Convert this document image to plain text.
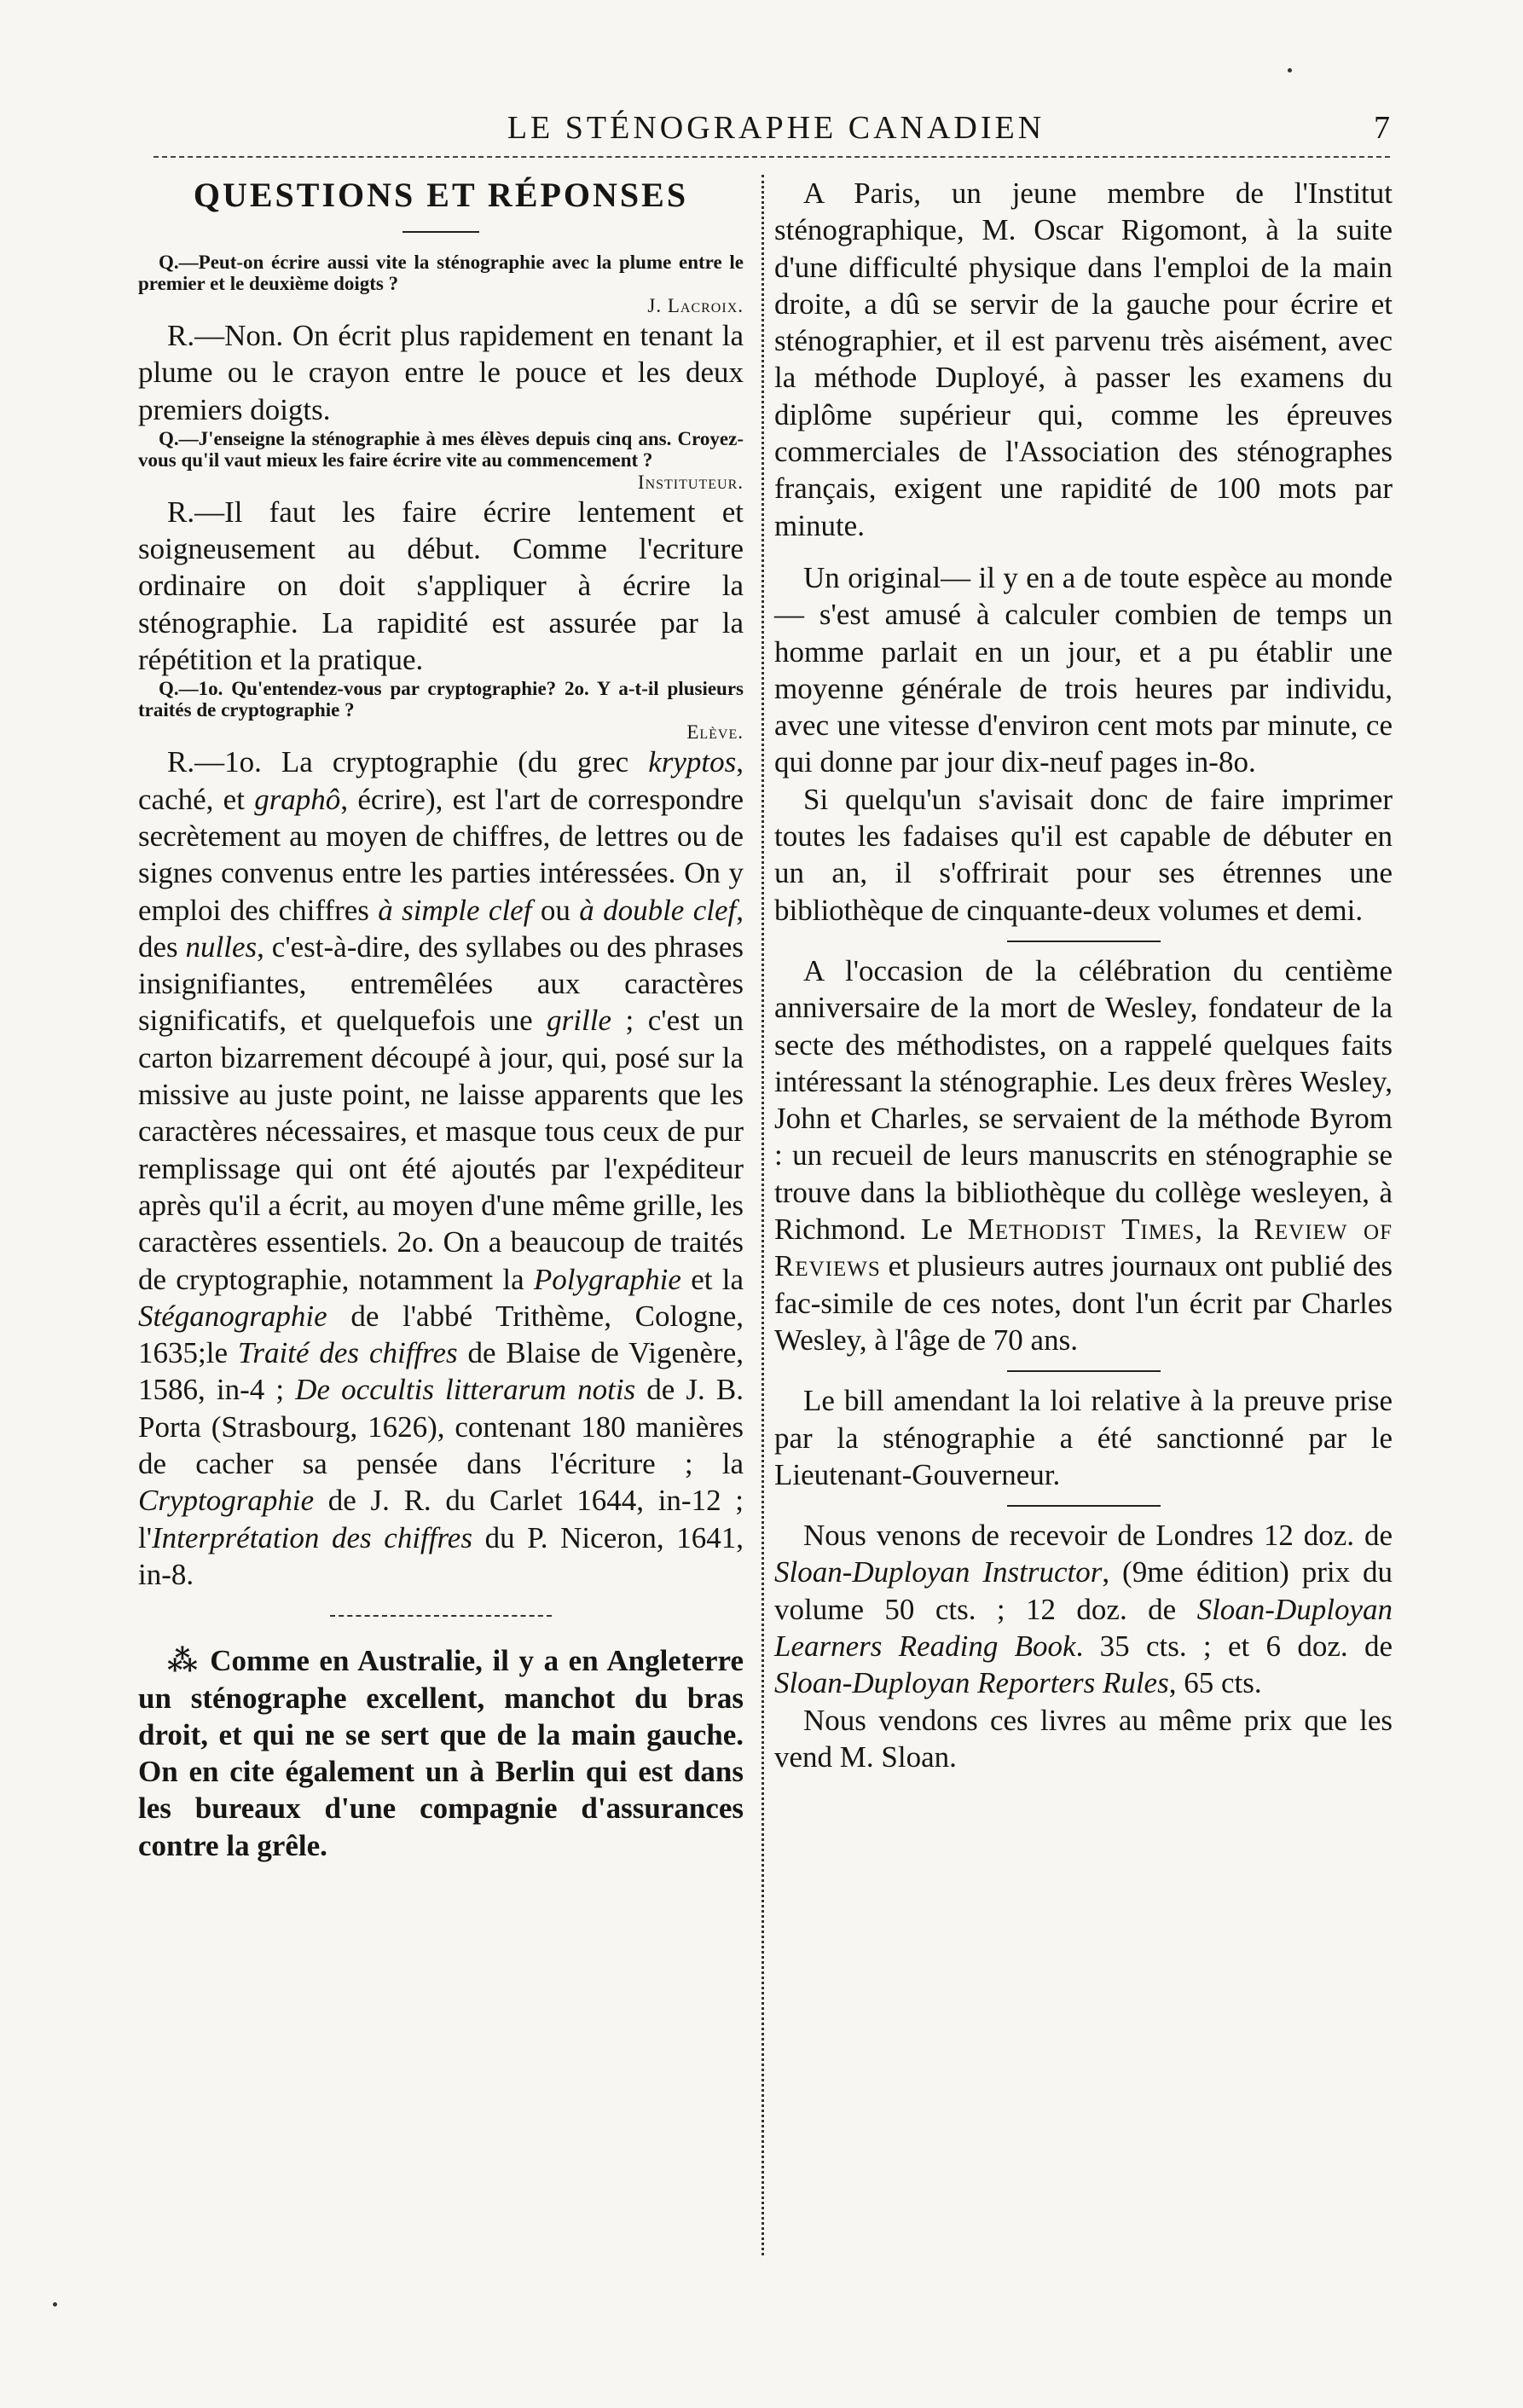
LE STÉNOGRAPHE CANADIEN	7

QUESTIONS ET RÉPONSES

Q.—Peut-on écrire aussi vite la sténographie avec la plume entre le premier et le deuxième doigts ?

J. Lacroix.

R.—Non. On écrit plus rapidement en tenant la plume ou le crayon entre le pouce et les deux premiers doigts.

Q.—J'enseigne la sténographie à mes élèves depuis cinq ans. Croyez-vous qu'il vaut mieux les faire écrire vite au commencement ?

Instituteur.

R.—Il faut les faire écrire lentement et soigneusement au début. Comme l'ecriture ordinaire on doit s'appliquer à écrire la sténographie. La rapidité est assurée par la répétition et la pratique.

Q.—1o. Qu'entendez-vous par cryptographie? 2o. Y a-t-il plusieurs traités de cryptographie ?

Elève.

R.—1o. La cryptographie (du grec kryptos, caché, et graphô, écrire), est l'art de correspondre secrètement au moyen de chiffres, de lettres ou de signes convenus entre les parties intéressées. On y emploi des chiffres à simple clef ou à double clef, des nulles, c'est-à-dire, des syllabes ou des phrases insignifiantes, entremêlées aux caractères significatifs, et quelquefois une grille ; c'est un carton bizarrement découpé à jour, qui, posé sur la missive au juste point, ne laisse apparents que les caractères nécessaires, et masque tous ceux de pur remplissage qui ont été ajoutés par l'expéditeur après qu'il a écrit, au moyen d'une même grille, les caractères essentiels. 2o. On a beaucoup de traités de cryptographie, notamment la Polygraphie et la Stéganographie de l'abbé Trithème, Cologne, 1635;le Traité des chiffres de Blaise de Vigenère, 1586, in-4 ; De occultis litterarum notis de J. B. Porta (Strasbourg, 1626), contenant 180 manières de cacher sa pensée dans l'écriture ; la Cryptographie de J. R. du Carlet 1644, in-12 ; l'Interprétation des chiffres du P. Niceron, 1641, in-8.

⁂ Comme en Australie, il y a en Angleterre un sténographe excellent, manchot du bras droit, et qui ne se sert que de la main gauche. On en cite également un à Berlin qui est dans les bureaux d'une compagnie d'assurances contre la grêle.

A Paris, un jeune membre de l'Institut sténographique, M. Oscar Rigomont, à la suite d'une difficulté physique dans l'emploi de la main droite, a dû se servir de la gauche pour écrire et sténographier, et il est parvenu très aisément, avec la méthode Duployé, à passer les examens du diplôme supérieur qui, comme les épreuves commerciales de l'Association des sténographes français, exigent une rapidité de 100 mots par minute.

Un original— il y en a de toute espèce au monde— s'est amusé à calculer combien de temps un homme parlait en un jour, et a pu établir une moyenne générale de trois heures par individu, avec une vitesse d'environ cent mots par minute, ce qui donne par jour dix-neuf pages in-8o.

Si quelqu'un s'avisait donc de faire imprimer toutes les fadaises qu'il est capable de débuter en un an, il s'offrirait pour ses étrennes une bibliothèque de cinquante-deux volumes et demi.

A l'occasion de la célébration du centième anniversaire de la mort de Wesley, fondateur de la secte des méthodistes, on a rappelé quelques faits intéressant la sténographie. Les deux frères Wesley, John et Charles, se servaient de la méthode Byrom : un recueil de leurs manuscrits en sténographie se trouve dans la bibliothèque du collège wesleyen, à Richmond. Le Methodist Times, la Review of Reviews et plusieurs autres journaux ont publié des fac-simile de ces notes, dont l'un écrit par Charles Wesley, à l'âge de 70 ans.

Le bill amendant la loi relative à la preuve prise par la sténographie a été sanctionné par le Lieutenant-Gouverneur.

Nous venons de recevoir de Londres 12 doz. de Sloan-Duployan Instructor, (9me édition) prix du volume 50 cts. ; 12 doz. de Sloan-Duployan Learners Reading Book. 35 cts. ; et 6 doz. de Sloan-Duployan Reporters Rules, 65 cts.

Nous vendons ces livres au même prix que les vend M. Sloan.
